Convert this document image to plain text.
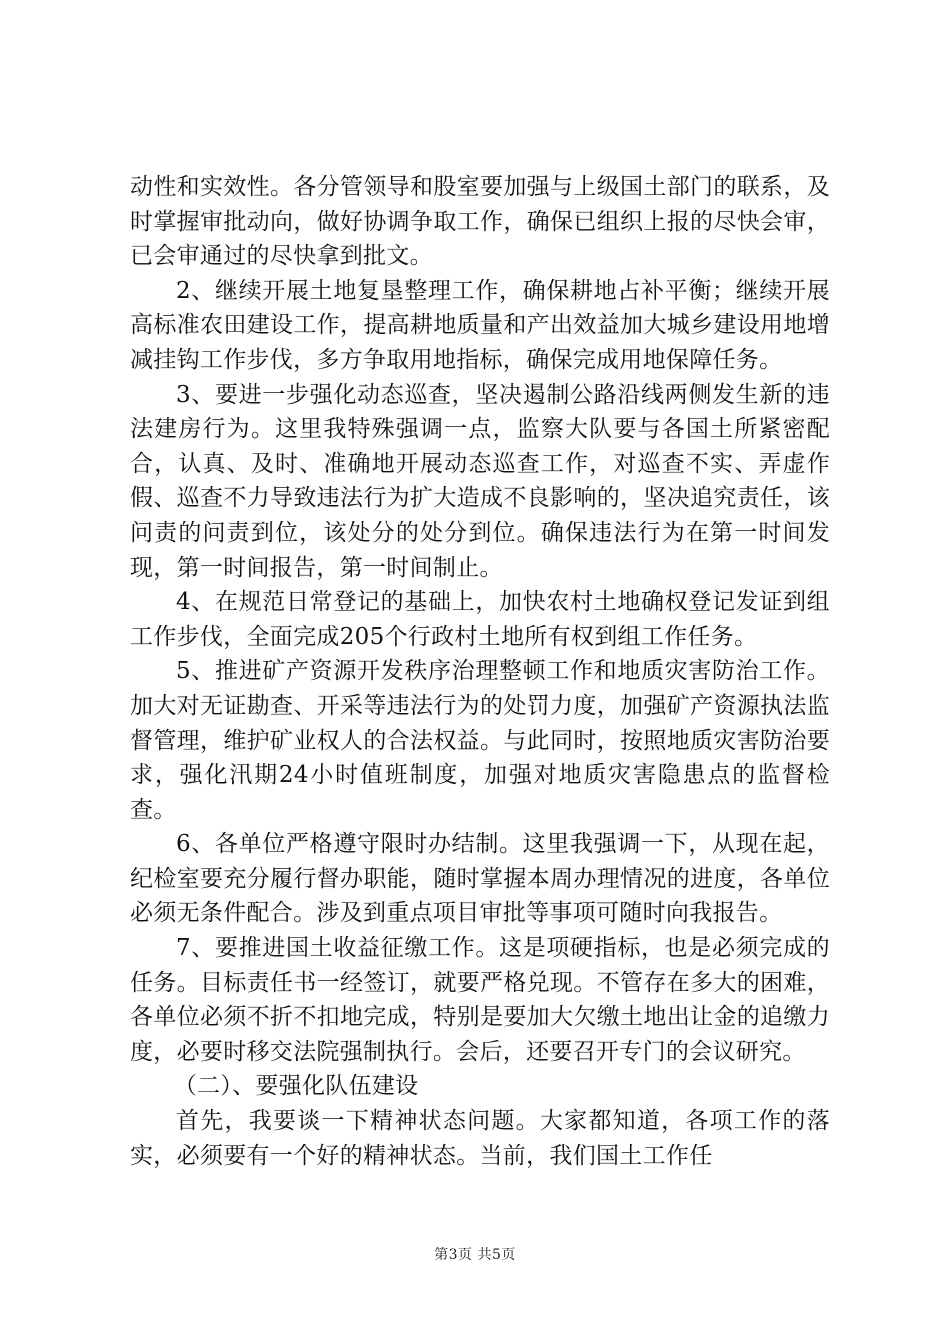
动性和实效性。各分管领导和股室要加强与上级国土部门的联系，及时掌握审批动向，做好协调争取工作，确保已组织上报的尽快会审，已会审通过的尽快拿到批文。

2、继续开展土地复垦整理工作，确保耕地占补平衡；继续开展高标准农田建设工作，提高耕地质量和产出效益加大城乡建设用地增减挂钩工作步伐，多方争取用地指标，确保完成用地保障任务。

3、要进一步强化动态巡查，坚决遏制公路沿线两侧发生新的违法建房行为。这里我特殊强调一点，监察大队要与各国土所紧密配合，认真、及时、准确地开展动态巡查工作，对巡查不实、弄虚作假、巡查不力导致违法行为扩大造成不良影响的，坚决追究责任，该问责的问责到位，该处分的处分到位。确保违法行为在第一时间发现，第一时间报告，第一时间制止。

4、在规范日常登记的基础上，加快农村土地确权登记发证到组工作步伐，全面完成205个行政村土地所有权到组工作任务。

5、推进矿产资源开发秩序治理整顿工作和地质灾害防治工作。加大对无证勘查、开采等违法行为的处罚力度，加强矿产资源执法监督管理，维护矿业权人的合法权益。与此同时，按照地质灾害防治要求，强化汛期24小时值班制度，加强对地质灾害隐患点的监督检查。

6、各单位严格遵守限时办结制。这里我强调一下，从现在起，纪检室要充分履行督办职能，随时掌握本周办理情况的进度，各单位必须无条件配合。涉及到重点项目审批等事项可随时向我报告。

7、要推进国土收益征缴工作。这是项硬指标，也是必须完成的任务。目标责任书一经签订，就要严格兑现。不管存在多大的困难，各单位必须不折不扣地完成，特别是要加大欠缴土地出让金的追缴力度，必要时移交法院强制执行。会后，还要召开专门的会议研究。

（二）、要强化队伍建设

首先，我要谈一下精神状态问题。大家都知道，各项工作的落实，必须要有一个好的精神状态。当前，我们国土工作任

第3页 共5页
